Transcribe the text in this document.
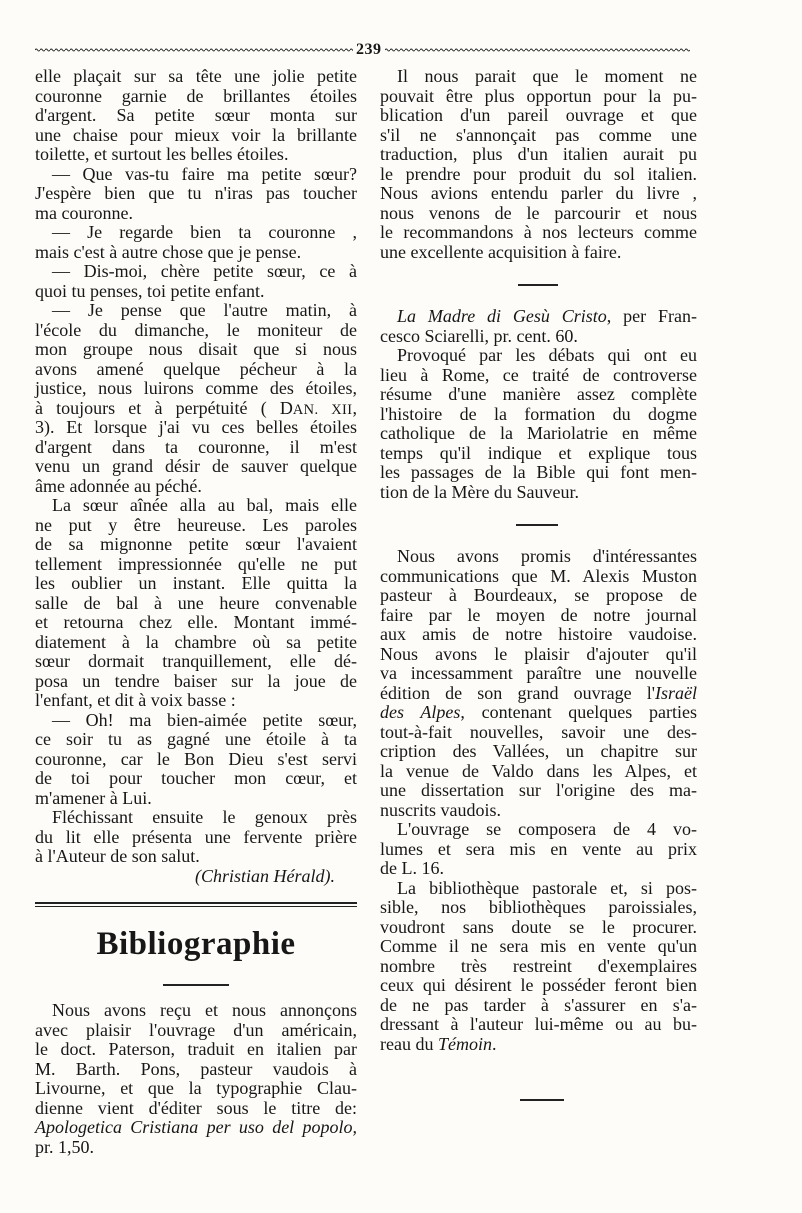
239
elle plaçait sur sa tête une jolie petite
couronne garnie de brillantes étoiles
d'argent. Sa petite sœur monta sur
une chaise pour mieux voir la brillante
toilette, et surtout les belles étoiles.
— Que vas-tu faire ma petite sœur?
J'espère bien que tu n'iras pas toucher
ma couronne.
— Je regarde bien ta couronne ,
mais c'est à autre chose que je pense.
— Dis-moi, chère petite sœur, ce à
quoi tu penses, toi petite enfant.
— Je pense que l'autre matin, à
l'école du dimanche, le moniteur de
mon groupe nous disait que si nous
avons amené quelque pécheur à la
justice, nous luirons comme des étoiles,
à toujours et à perpétuité ( DAN. XII,
3). Et lorsque j'ai vu ces belles étoiles
d'argent dans ta couronne, il m'est
venu un grand désir de sauver quelque
âme adonnée au péché.
La sœur aînée alla au bal, mais elle
ne put y être heureuse. Les paroles
de sa mignonne petite sœur l'avaient
tellement impressionnée qu'elle ne put
les oublier un instant. Elle quitta la
salle de bal à une heure convenable
et retourna chez elle. Montant immé-
diatement à la chambre où sa petite
sœur dormait tranquillement, elle dé-
posa un tendre baiser sur la joue de
l'enfant, et dit à voix basse :
— Oh! ma bien-aimée petite sœur,
ce soir tu as gagné une étoile à ta
couronne, car le Bon Dieu s'est servi
de toi pour toucher mon cœur, et
m'amener à Lui.
Fléchissant ensuite le genoux près
du lit elle présenta une fervente prière
à l'Auteur de son salut.
(Christian Hérald).
Bibliographie
Nous avons reçu et nous annonçons
avec plaisir l'ouvrage d'un américain,
le doct. Paterson, traduit en italien par
M. Barth. Pons, pasteur vaudois à
Livourne, et que la typographie Clau-
dienne vient d'éditer sous le titre de:
Apologetica Cristiana per uso del popolo,
pr. 1,50.
Il nous parait que le moment ne
pouvait être plus opportun pour la pu-
blication d'un pareil ouvrage et que
s'il ne s'annonçait pas comme une
traduction, plus d'un italien aurait pu
le prendre pour produit du sol italien.
Nous avions entendu parler du livre ,
nous venons de le parcourir et nous
le recommandons à nos lecteurs comme
une excellente acquisition à faire.
La Madre di Gesù Cristo, per Fran-
cesco Sciarelli, pr. cent. 60.
Provoqué par les débats qui ont eu
lieu à Rome, ce traité de controverse
résume d'une manière assez complète
l'histoire de la formation du dogme
catholique de la Mariolatrie en même
temps qu'il indique et explique tous
les passages de la Bible qui font men-
tion de la Mère du Sauveur.
Nous avons promis d'intéressantes
communications que M. Alexis Muston
pasteur à Bourdeaux, se propose de
faire par le moyen de notre journal
aux amis de notre histoire vaudoise.
Nous avons le plaisir d'ajouter qu'il
va incessamment paraître une nouvelle
édition de son grand ouvrage l'Israël
des Alpes, contenant quelques parties
tout-à-fait nouvelles, savoir une des-
cription des Vallées, un chapitre sur
la venue de Valdo dans les Alpes, et
une dissertation sur l'origine des ma-
nuscrits vaudois.
L'ouvrage se composera de 4 vo-
lumes et sera mis en vente au prix
de L. 16.
La bibliothèque pastorale et, si pos-
sible, nos bibliothèques paroissiales,
voudront sans doute se le procurer.
Comme il ne sera mis en vente qu'un
nombre très restreint d'exemplaires
ceux qui désirent le posséder feront bien
de ne pas tarder à s'assurer en s'a-
dressant à l'auteur lui-même ou au bu-
reau du Témoin.
